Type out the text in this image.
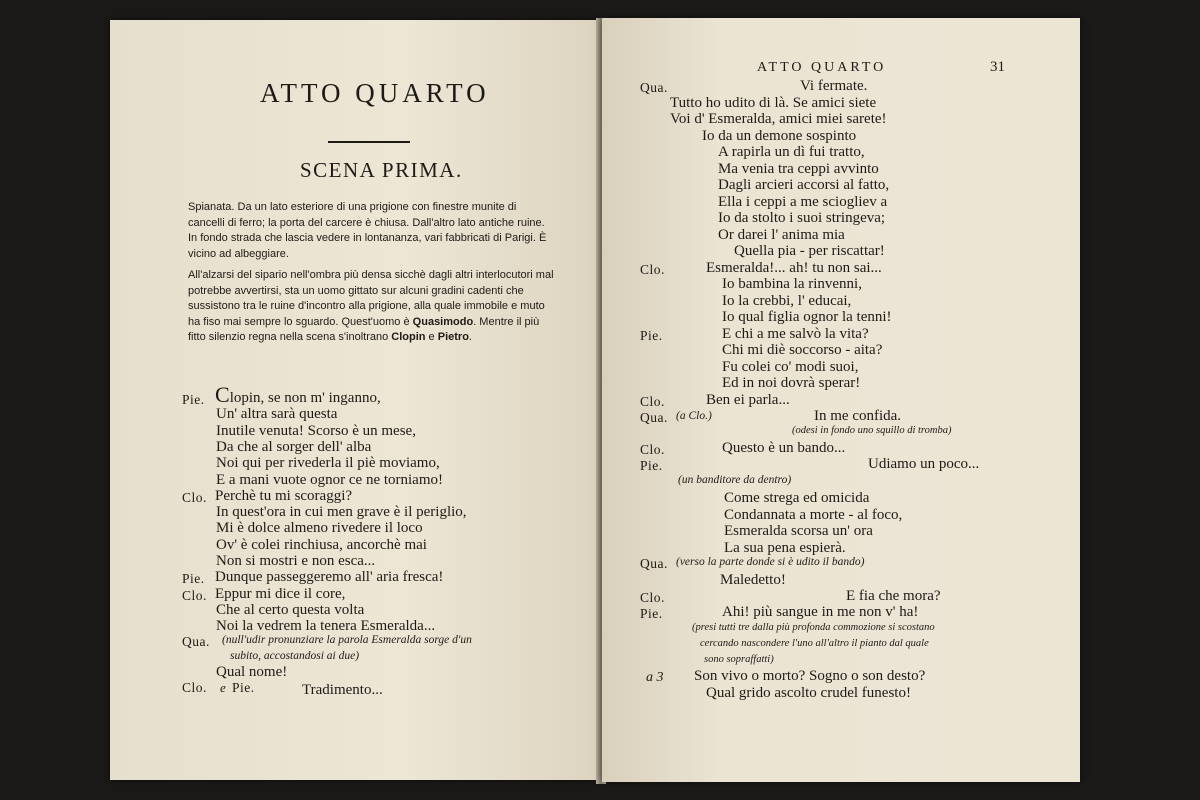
ATTO QUARTO
SCENA PRIMA.
Spianata. Da un lato esteriore di una prigione con finestre munite di cancelli di ferro; la porta del carcere è chiusa. Dall'altro lato antiche ruine. In fondo strada che lascia vedere in lontananza, vari fabbricati di Parigi. È vicino ad albeggiare.
All'alzarsi del sipario nell'ombra più densa sicchè dagli altri interlocutori mal potrebbe avvertirsi, sta un uomo gittato sur alcuni gradini cadenti che sussistono tra le ruine d'incontro alla prigione, alla quale immobile e muto ha fiso mai sempre lo sguardo. Quest'uomo è Quasimodo. Mentre il più fitto silenzio regna nella scena s'inoltrano Clopin e Pietro.
Pie. Clopin, se non m' inganno,
Un' altra sarà questa
Inutile venuta! Scorso è un mese,
Da che al sorger dell' alba
Noi qui per rivederla il piè moviamo,
E a mani vuote ognor ce ne torniamo!
Clo. Perchè tu mi scoraggi?
In quest'ora in cui men grave è il periglio,
Mi è dolce almeno rivedere il loco
Ov' è colei rinchiusa, ancorchè mai
Non si mostri e non esca...
Pie. Dunque passeggeremo all' aria fresca!
Clo. Eppur mi dice il core,
Che al certo questa volta
Noi la vedrem la tenera Esmeralda...
Qua. (null'udir pronunziare la parola Esmeralda sorge d'un
subito, accostandosi ai due)
Qual nome!
Clo. e Pie.	Tradimento...
ATTO QUARTO	31
Qua.	Vi fermate.
Tutto ho udito di là. Se amici siete
Voi d' Esmeralda, amici miei sarete!
Io da un demone sospinto
A rapirla un dì fui tratto,
Ma venia tra ceppi avvinto
Dagli arcieri accorsi al fatto,
Ella i ceppi a me sciogliev a
Io da stolto i suoi stringeva;
Or darei l' anima mia
Quella pia - per riscattar!
Clo.	Esmeralda!... ah! tu non sai...
Io bambina la rinvenni,
Io la crebbi, l' educai,
Io qual figlia ognor la tenni!
Pie.	E chi a me salvò la vita?
Chi mi diè soccorso - aita?
Fu colei co' modi suoi,
Ed in noi dovrà sperar!
Clo.	Ben ei parla...
Qua. (a Clo.)	In me confida.
(odesi in fondo uno squillo di tromba)
Clo.	Questo è un bando...
Pie.	Udiamo un poco...
(un banditore da dentro)
Come strega ed omicida
Condannata a morte - al foco,
Esmeralda scorsa un' ora
La sua pena espierà.
Qua. (verso la parte donde si è udito il bando)
Maledetto!
Clo.	E fia che mora?
Pie.	Ahi! più sangue in me non v' ha!
(presi tutti tre dalla più profonda commozione si scostano
cercando nascondere l'uno all'altro il pianto dal quale
sono sopraffatti)
a 3 Son vivo o morto? Sogno o son desto?
Qual grido ascolto crudel funesto!
